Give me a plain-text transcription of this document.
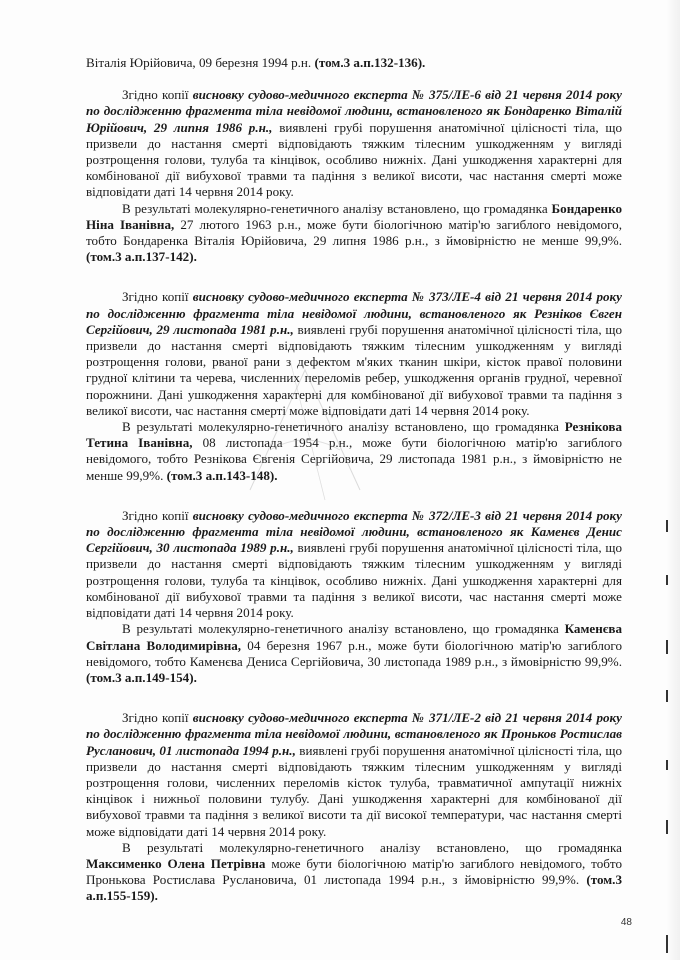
Віталія Юрійовича, 09 березня 1994 р.н. (том.3 а.п.132-136).

Згідно копії висновку судово-медичного експерта № 375/ЛЕ-6 від 21 червня 2014 року по дослідженню фрагмента тіла невідомої людини, встановленого як Бондаренко Віталій Юрійович, 29 липня 1986 р.н., виявлені грубі порушення анатомічної цілісності тіла, що призвели до настання смерті відповідають тяжким тілесним ушкодженням у вигляді розтрощення голови, тулуба та кінцівок, особливо нижніх. Дані ушкодження характерні для комбінованої дії вибухової травми та падіння з великої висоти, час настання смерті може відповідати даті 14 червня 2014 року.

В результаті молекулярно-генетичного аналізу встановлено, що громадянка Бондаренко Ніна Іванівна, 27 лютого 1963 р.н., може бути біологічною матір'ю загиблого невідомого, тобто Бондаренка Віталія Юрійовича, 29 липня 1986 р.н., з ймовірністю не менше 99,9%. (том.3 а.п.137-142).

Згідно копії висновку судово-медичного експерта № 373/ЛЕ-4 від 21 червня 2014 року по дослідженню фрагмента тіла невідомої людини, встановленого як Резніков Євген Сергійович, 29 листопада 1981 р.н., виявлені грубі порушення анатомічної цілісності тіла, що призвели до настання смерті відповідають тяжким тілесним ушкодженням у вигляді розтрощення голови, рваної рани з дефектом м'яких тканин шкіри, кісток правої половини грудної клітини та черева, численних переломів ребер, ушкодження органів грудної, черевної порожнини. Дані ушкодження характерні для комбінованої дії вибухової травми та падіння з великої висоти, час настання смерті може відповідати даті 14 червня 2014 року.

В результаті молекулярно-генетичного аналізу встановлено, що громадянка Резнікова Тетина Іванівна, 08 листопада 1954 р.н., може бути біологічною матір'ю загиблого невідомого, тобто Резнікова Євгенія Сергійовича, 29 листопада 1981 р.н., з ймовірністю не менше 99,9%. (том.3 а.п.143-148).

Згідно копії висновку судово-медичного експерта № 372/ЛЕ-3 від 21 червня 2014 року по дослідженню фрагмента тіла невідомої людини, встановленого як Каменєв Денис Сергійович, 30 листопада 1989 р.н., виявлені грубі порушення анатомічної цілісності тіла, що призвели до настання смерті відповідають тяжким тілесним ушкодженням у вигляді розтрощення голови, тулуба та кінцівок, особливо нижніх. Дані ушкодження характерні для комбінованої дії вибухової травми та падіння з великої висоти, час настання смерті може відповідати даті 14 червня 2014 року.

В результаті молекулярно-генетичного аналізу встановлено, що громадянка Каменєва Світлана Володимирівна, 04 березня 1967 р.н., може бути біологічною матір'ю загиблого невідомого, тобто Каменєва Дениса Сергійовича, 30 листопада 1989 р.н., з ймовірністю 99,9%. (том.3 а.п.149-154).

Згідно копії висновку судово-медичного експерта № 371/ЛЕ-2 від 21 червня 2014 року по дослідженню фрагмента тіла невідомої людини, встановленого як Проньков Ростислав Русланович, 01 листопада 1994 р.н., виявлені грубі порушення анатомічної цілісності тіла, що призвели до настання смерті відповідають тяжким тілесним ушкодженням у вигляді розтрощення голови, численних переломів кісток тулуба, травматичної ампутації нижніх кінцівок і нижньої половини тулубу. Дані ушкодження характерні для комбінованої дії вибухової травми та падіння з великої висоти та дії високої температури, час настання смерті може відповідати даті 14 червня 2014 року.

В результаті молекулярно-генетичного аналізу встановлено, що громадянка Максименко Олена Петрівна може бути біологічною матір'ю загиблого невідомого, тобто Пронькова Ростислава Руслановича, 01 листопада 1994 р.н., з ймовірністю 99,9%. (том.3 а.п.155-159).

48
